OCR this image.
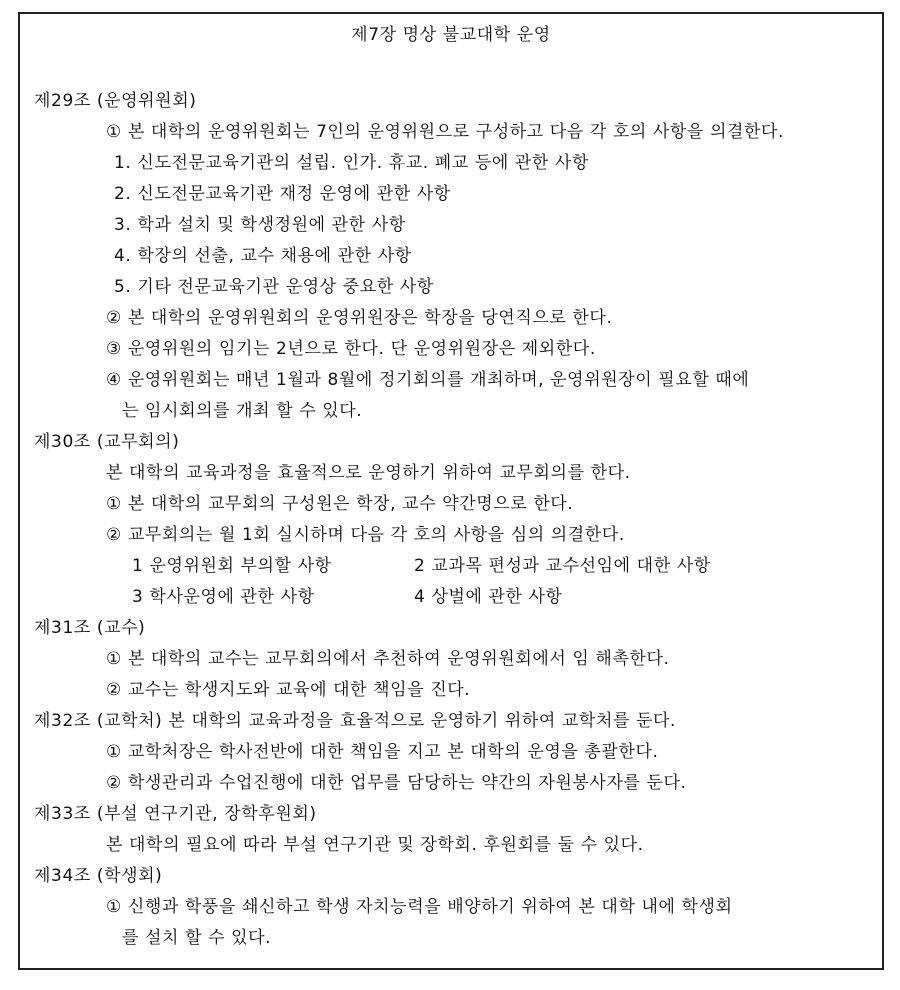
제7장 명상 불교대학 운영
제29조 (운영위원회)
① 본 대학의 운영위원회는 7인의 운영위원으로 구성하고 다음 각 호의 사항을 의결한다.
1. 신도전문교육기관의 설립. 인가. 휴교. 폐교 등에 관한 사항
2. 신도전문교육기관 재정 운영에 관한 사항
3. 학과 설치 및 학생정원에 관한 사항
4. 학장의 선출, 교수 채용에 관한 사항
5. 기타 전문교육기관 운영상 중요한 사항
② 본 대학의 운영위원회의 운영위원장은 학장을 당연직으로 한다.
③ 운영위원의 임기는 2년으로 한다. 단 운영위원장은 제외한다.
④ 운영위원회는 매년 1월과 8월에 정기회의를 개최하며, 운영위원장이 필요할 때에
는 임시회의를 개최 할 수 있다.
제30조 (교무회의)
본 대학의 교육과정을 효율적으로 운영하기 위하여 교무회의를 한다.
① 본 대학의 교무회의 구성원은 학장, 교수 약간명으로 한다.
② 교무회의는 월 1회 실시하며 다음 각 호의 사항을 심의 의결한다.
1 운영위원회 부의할 사항	2 교과목 편성과 교수선임에 대한 사항
3 학사운영에 관한 사항	4 상벌에 관한 사항
제31조 (교수)
① 본 대학의 교수는 교무회의에서 추천하여 운영위원회에서 임 해촉한다.
② 교수는 학생지도와 교육에 대한 책임을 진다.
제32조 (교학처) 본 대학의 교육과정을 효율적으로 운영하기 위하여 교학처를 둔다.
① 교학처장은 학사전반에 대한 책임을 지고 본 대학의 운영을 총괄한다.
② 학생관리과 수업진행에 대한 업무를 담당하는 약간의 자원봉사자를 둔다.
제33조 (부설 연구기관, 장학후원회)
본 대학의 필요에 따라 부설 연구기관 및 장학회. 후원회를 둘 수 있다.
제34조 (학생회)
① 신행과 학풍을 쇄신하고 학생 자치능력을 배양하기 위하여 본 대학 내에 학생회
를 설치 할 수 있다.
